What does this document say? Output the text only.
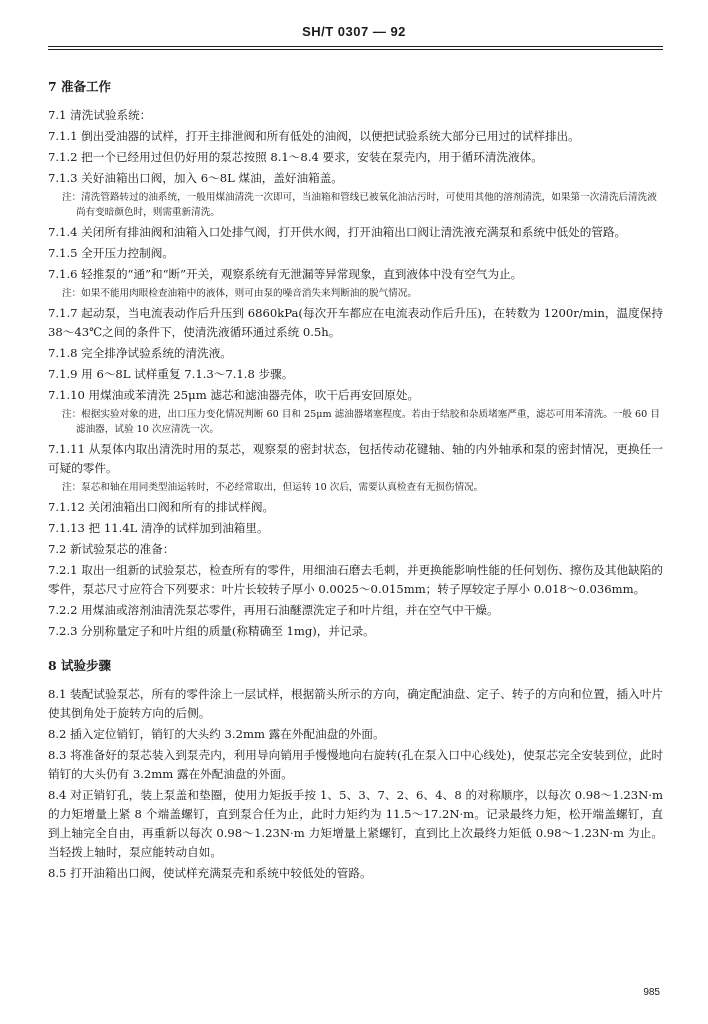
SH/T 0307 — 92
7 准备工作
7.1 清洗试验系统：
7.1.1 倒出受油器的试样，打开主排泄阀和所有低处的油阀，以便把试验系统大部分已用过的试样排出。
7.1.2 把一个已经用过但仍好用的泵芯按照 8.1～8.4 要求，安装在泵壳内，用于循环清洗液体。
7.1.3 关好油箱出口阀，加入 6～8L 煤油，盖好油箱盖。
注：清洗管路转过的油系统，一般用煤油清洗一次即可，当油箱和管线已被氧化油沾污时，可使用其他的溶剂清洗，如果第一次清洗后清洗液尚有变暗颜色时，则需重新清洗。
7.1.4 关闭所有排油阀和油箱入口处排气阀，打开供水阀，打开油箱出口阀让清洗液充满泵和系统中低处的管路。
7.1.5 全开压力控制阀。
7.1.6 轻推泵的“通”和“断”开关，观察系统有无泄漏等异常现象，直到液体中没有空气为止。
注：如果不能用肉眼检查油箱中的液体，则可由泵的噪音消失来判断油的脱气情况。
7.1.7 起动泵，当电流表动作后升压到 6860kPa(每次开车都应在电流表动作后升压)，在转数为 1200r/min，温度保持 38～43℃之间的条件下，使清洗液循环通过系统 0.5h。
7.1.8 完全排净试验系统的清洗液。
7.1.9 用 6～8L 试样重复 7.1.3～7.1.8 步骤。
7.1.10 用煤油或苯清洗 25μm 滤芯和滤油器壳体，吹干后再安回原处。
注：根据实验对象的进，出口压力变化情况判断 60 目和 25μm 滤油器堵塞程度。若由于结胶和杂质堵塞严重，滤芯可用苯清洗。一般 60 目滤油器，试验 10 次应清洗一次。
7.1.11 从泵体内取出清洗时用的泵芯，观察泵的密封状态，包括传动花键轴、轴的内外轴承和泵的密封情况，更换任一可疑的零件。
注：泵芯和轴在用同类型油运转时，不必经常取出，但运转 10 次后，需要认真检查有无损伤情况。
7.1.12 关闭油箱出口阀和所有的排试样阀。
7.1.13 把 11.4L 清净的试样加到油箱里。
7.2 新试验泵芯的准备：
7.2.1 取出一组新的试验泵芯，检查所有的零件，用细油石磨去毛刺，并更换能影响性能的任何划伤、擦伤及其他缺陷的零件，泵芯尺寸应符合下列要求：叶片长较转子厚小 0.0025～0.015mm；转子厚较定子厚小 0.018～0.036mm。
7.2.2 用煤油或溶剂油清洗泵芯零件，再用石油醚漂洗定子和叶片组，并在空气中干燥。
7.2.3 分别称量定子和叶片组的质量(称精确至 1mg)，并记录。
8 试验步骤
8.1 装配试验泵芯，所有的零件涂上一层试样，根据箭头所示的方向，确定配油盘、定子、转子的方向和位置，插入叶片使其倒角处于旋转方向的后侧。
8.2 插入定位销钉，销钉的大头约 3.2mm 露在外配油盘的外面。
8.3 将准备好的泵芯装入到泵壳内，利用导向销用手慢慢地向右旋转(孔在泵入口中心线处)，使泵芯完全安装到位，此时销钉的大头仍有 3.2mm 露在外配油盘的外面。
8.4 对正销钉孔，装上泵盖和垫圈，使用力矩扳手按 1、5、3、7、2、6、4、8 的对称顺序，以每次 0.98～1.23N·m 的力矩增量上紧 8 个端盖螺钉，直到泵合任为止，此时力矩约为 11.5～17.2N·m。记录最终力矩，松开端盖螺钉，直到上轴完全自由，再重新以每次 0.98～1.23N·m 力矩增量上紧螺钉，直到比上次最终力矩低 0.98～1.23N·m 为止。当轻拨上轴时，泵应能转动自如。
8.5 打开油箱出口阀，使试样充满泵壳和系统中较低处的管路。
985
